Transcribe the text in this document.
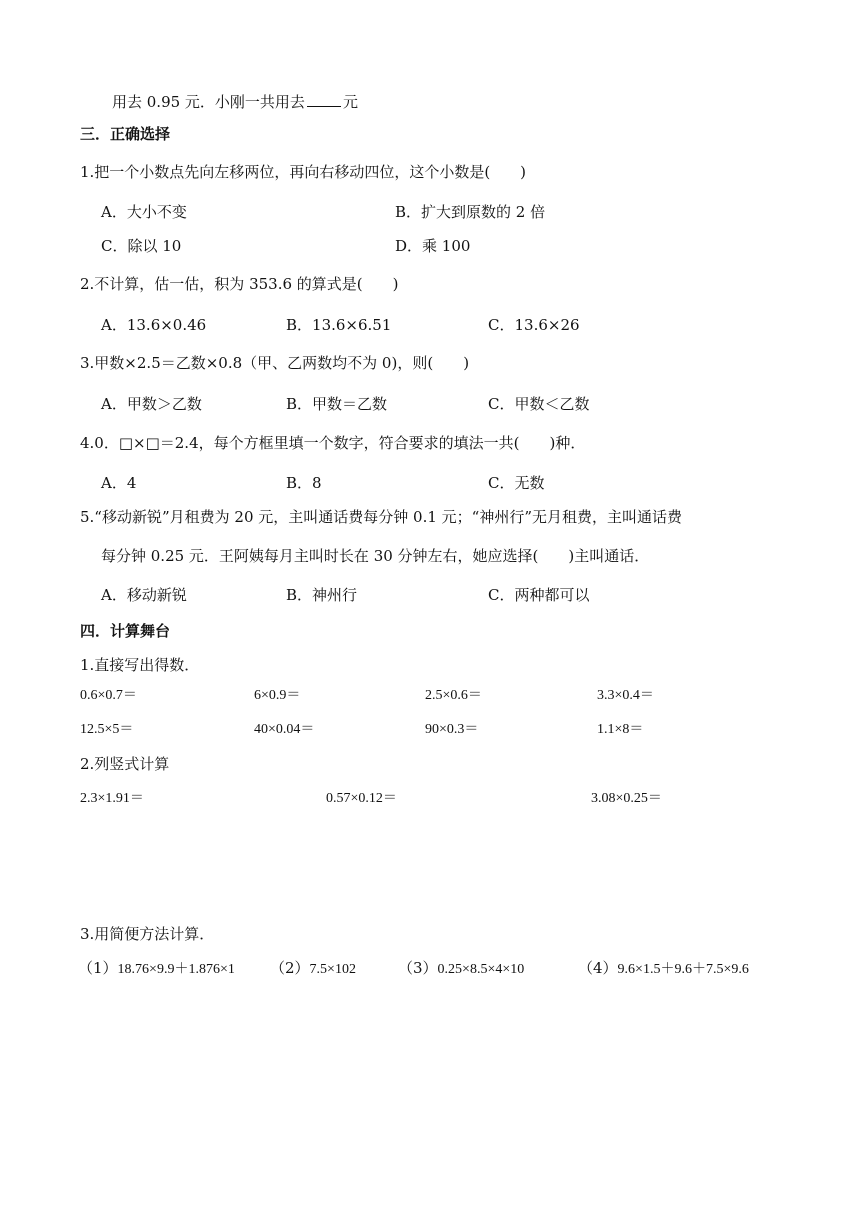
用去 0.95 元．小刚一共用去	元
三．正确选择
1.把一个小数点先向左移两位，再向右移动四位，这个小数是( )
A．大小不变	B．扩大到原数的 2 倍
C．除以 10	D．乘 100
2.不计算，估一估，积为 353.6 的算式是( )
A．13.6×0.46	B．13.6×6.51	C．13.6×26
3.甲数×2.5＝乙数×0.8（甲、乙两数均不为 0)，则( )
A．甲数＞乙数	B．甲数＝乙数	C．甲数＜乙数
4.0．□×□＝2.4，每个方框里填一个数字，符合要求的填法一共( )种．
A．4	B．8	C．无数
5.“移动新锐”月租费为 20 元，主叫通话费每分钟 0.1 元；“神州行”无月租费，主叫通话费
每分钟 0.25 元．王阿姨每月主叫时长在 30 分钟左右，她应选择( )主叫通话．
A．移动新锐	B．神州行	C．两种都可以
四．计算舞台
1.直接写出得数．
0.6×0.7＝	6×0.9＝	2.5×0.6＝	3.3×0.4＝
12.5×5＝	40×0.04＝	90×0.3＝	1.1×8＝
2.列竖式计算
2.3×1.91＝	0.57×0.12＝	3.08×0.25＝
3.用简便方法计算．
（1）18.76×9.9＋1.876×1 （2）7.5×102	（3）0.25×8.5×4×10	（4）9.6×1.5＋9.6＋7.5×9.6
